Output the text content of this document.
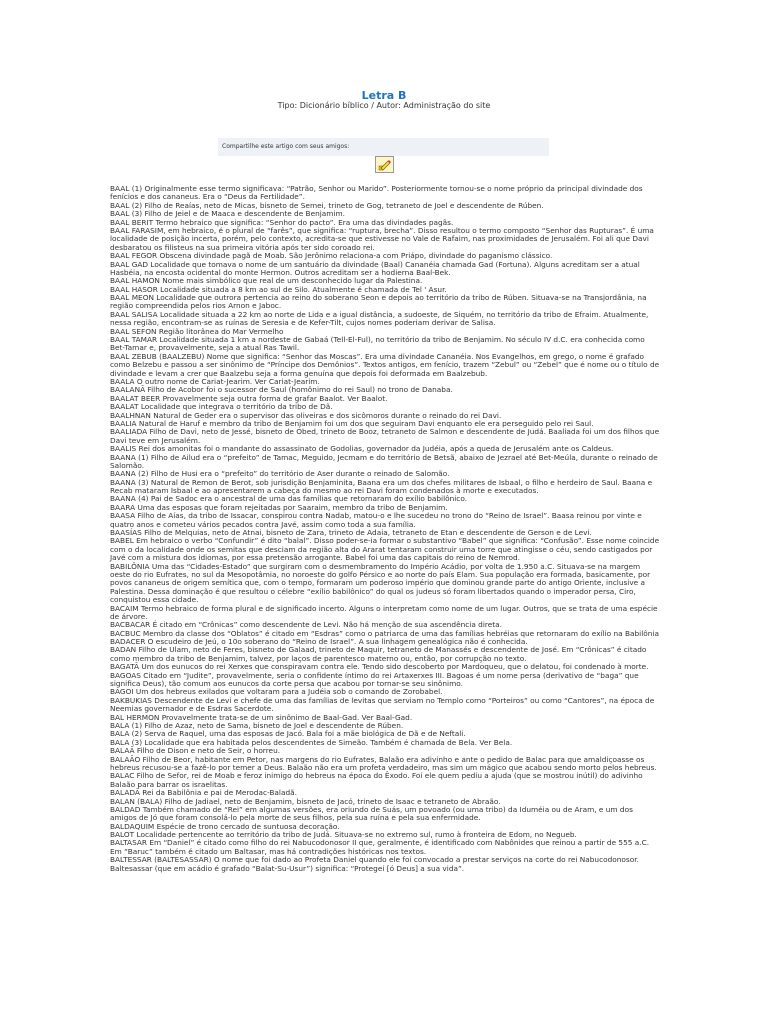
Letra B
Tipo: Dicionário bíblico / Autor: Administração do site
Compartilhe este artigo com seus amigos:

BAAL (1) Originalmente esse termo significava: “Patrão, Senhor ou Marido”. Posteriormente tornou-se o nome próprio da principal divindade dos fenícios e dos cananeus. Era o “Deus da Fertilidade”.

BAAL (2) Filho de Reaías, neto de Micas, bisneto de Semei, trineto de Gog, tetraneto de Joel e descendente de Rúben.

BAAL (3) Filho de Jeiel e de Maaca e descendente de Benjamim.

BAAL BERIT Termo hebraico que significa: “Senhor do pacto”. Era uma das divindades pagãs.

BAAL FARASIM, em hebraico, é o plural de “farês”, que significa: “ruptura, brecha”. Disso resultou o termo composto “Senhor das Rupturas”. É uma localidade de posição incerta, porém, pelo contexto, acredita-se que estivesse no Vale de Rafaim, nas proximidades de Jerusalém. Foi ali que Davi desbaratou os filisteus na sua primeira vitória após ter sido coroado rei.

BAAL FEGOR Obscena divindade pagã de Moab. São Jerônimo relaciona-a com Priápo, divindade do paganismo clássico.

BAAL GAD Localidade que tomava o nome de um santuário da divindade (Baal) Cananéia chamada Gad (Fortuna). Alguns acreditam ser a atual Hasbéia, na encosta ocidental do monte Hermon. Outros acreditam ser a hodierna Baal-Bek.

BAAL HAMON Nome mais simbólico que real de um desconhecido lugar da Palestina.

BAAL HASOR Localidade situada a 8 km ao sul de Silo. Atualmente é chamada de Tel ' Asur.

BAAL MEON Localidade que outrora pertencia ao reino do soberano Seon e depois ao território da tribo de Rúben. Situava-se na Transjordânia, na região compreendida pelos rios Arnon e Jaboc.

BAAL SALISA Localidade situada a 22 km ao norte de Lida e a igual distância, a sudoeste, de Siquém, no território da tribo de Efraim. Atualmente, nessa região, encontram-se as ruínas de Seresia e de Kefer-Tilt, cujos nomes poderiam derivar de Salisa.

BAAL SEFON Região litorânea do Mar Vermelho

BAAL TAMAR Localidade situada 1 km a nordeste de Gabaá (Tell-El-Ful), no território da tribo de Benjamim. No século IV d.C. era conhecida como Bet-Tamar e, provavelmente, seja a atual Ras Tawil.

BAAL ZEBUB (BAALZEBU) Nome que significa: “Senhor das Moscas”. Era uma divindade Cananéia. Nos Evangelhos, em grego, o nome é grafado como Belzebu e passou a ser sinônimo de “Príncipe dos Demônios”. Textos antigos, em fenício, trazem “Zebul” ou “Zebel” que é nome ou o título de divindade e levam a crer que Baalzebu seja a forma genuína que depois foi deformada em Baalzebub.

BAALA O outro nome de Cariat-Jearim. Ver Cariat-Jearim.

BAALANÃ Filho de Acobor foi o sucessor de Saul (homônimo do rei Saul) no trono de Danaba.

BAALAT BEER Provavelmente seja outra forma de grafar Baalot. Ver Baalot.

BAALAT Localidade que integrava o território da tribo de Dã.

BAALHNAN Natural de Geder era o supervisor das oliveiras e dos sicômoros durante o reinado do rei Davi.

BAALIA Natural de Haruf e membro da tribo de Benjamim foi um dos que seguiram Davi enquanto ele era perseguido pelo rei Saul.

BAALIADA Filho de Davi, neto de Jessé, bisneto de Obed, trineto de Booz, tetraneto de Salmon e descendente de Judá. Baaliada foi um dos filhos que Davi teve em Jerusalém.

BAALIS Rei dos amonitas foi o mandante do assassinato de Godolias, governador da Judéia, após a queda de Jerusalém ante os Caldeus.

BAANA (1) Filho de Ailud era o “prefeito” de Tamac, Meguido, Jecmam e do território de Betsã, abaixo de Jezrael até Bet-Meúla, durante o reinado de Salomão.

BAANA (2) Filho de Husi era o “prefeito” do território de Aser durante o reinado de Salomão.

BAANA (3) Natural de Remon de Berot, sob jurisdição Benjaminita, Baana era um dos chefes militares de Isbaal, o filho e herdeiro de Saul. Baana e Recab mataram Isbaal e ao apresentarem a cabeça do mesmo ao rei Davi foram condenados à morte e executados.

BAANA (4) Pai de Sadoc era o ancestral de uma das famílias que retornaram do exílio babilônico.

BAARA Uma das esposas que foram rejeitadas por Saaraim, membro da tribo de Benjamim.

BAASA Filho de Aías, da tribo de Issacar, conspirou contra Nadab, matou-o e lhe sucedeu no trono do “Reino de Israel”. Baasa reinou por vinte e quatro anos e cometeu vários pecados contra Javé, assim como toda a sua família.

BAASÍAS Filho de Melquias, neto de Atnai, bisneto de Zara, trineto de Adaia, tetraneto de Etan e descendente de Gerson e de Levi.

BABEL Em hebraico o verbo “Confundir” é dito “balal”. Disso poder-se-ia formar o substantivo “Babel” que significa: “Confusão”. Esse nome coincide com o da localidade onde os semitas que desciam da região alta do Ararat tentaram construir uma torre que atingisse o céu, sendo castigados por Javé com a mistura dos idiomas, por essa pretensão arrogante. Babel foi uma das capitais do reino de Nemrod.

BABILÔNIA Uma das “Cidades-Estado” que surgiram com o desmembramento do Império Acádio, por volta de 1.950 a.C. Situava-se na margem oeste do rio Eufrates, no sul da Mesopotâmia, no noroeste do golfo Pérsico e ao norte do país Elam. Sua população era formada, basicamente, por povos cananeus de origem semítica que, com o tempo, formaram um poderoso império que dominou grande parte do antigo Oriente, inclusive a Palestina. Dessa dominação é que resultou o célebre “exílio babilônico” do qual os judeus só foram libertados quando o imperador persa, Ciro, conquistou essa cidade.

BACAIM Termo hebraico de forma plural e de significado incerto. Alguns o interpretam como nome de um lugar. Outros, que se trata de uma espécie de árvore.

BACBACAR É citado em “Crônicas” como descendente de Levi. Não há menção de sua ascendência direta.

BACBUC Membro da classe dos “Oblatos” é citado em “Esdras” como o patriarca de uma das famílias hebréias que retornaram do exílio na Babilônia

BADACER O escudeiro de Jeú, o 10o soberano do “Reino de Israel”. A sua linhagem genealógica não é conhecida.

BADAN Filho de Ulam, neto de Feres, bisneto de Galaad, trineto de Maquir, tetraneto de Manassés e descendente de José. Em “Crônicas” é citado como membro da tribo de Benjamim, talvez, por laços de parentesco materno ou, então, por corrupção no texto.

BAGATÃ Um dos eunucos do rei Xerxes que conspiravam contra ele. Tendo sido descoberto por Mardoqueu, que o delatou, foi condenado à morte.

BAGOAS Citado em “Judite”, provavelmente, seria o confidente íntimo do rei Artaxerxes III. Bagoas é um nome persa (derivativo de “baga” que significa Deus), tão comum aos eunucos da corte persa que acabou por tornar-se seu sinônimo.

BAGOI Um dos hebreus exilados que voltaram para a Judéia sob o comando de Zorobabel.

BAKBUKIAS Descendente de Levi e chefe de uma das famílias de levitas que serviam no Templo como “Porteiros” ou como “Cantores”, na época de Neemias governador e de Esdras Sacerdote.

BAL HERMON Provavelmente trata-se de um sinônimo de Baal-Gad. Ver Baal-Gad.

BALA (1) Filho de Azaz, neto de Sama, bisneto de Joel e descendente de Rúben.

BALA (2) Serva de Raquel, uma das esposas de Jacó. Bala foi a mãe biológica de Dã e de Neftali.

BALA (3) Localidade que era habitada pelos descendentes de Simeão. Também é chamada de Bela. Ver Bela.

BALAÃ Filho de Dison e neto de Seir, o horreu.

BALAÃO Filho de Beor, habitante em Petor, nas margens do rio Eufrates, Balaão era adivinho e ante o pedido de Balac para que amaldiçoasse os hebreus recusou-se a fazê-lo por temer a Deus. Balaão não era um profeta verdadeiro, mas sim um mágico que acabou sendo morto pelos hebreus.

BALAC Filho de Sefor, rei de Moab e feroz inimigo do hebreus na época do Êxodo. Foi ele quem pediu a ajuda (que se mostrou inútil) do adivinho Balaão para barrar os israelitas.

BALADÃ Rei da Babilônia e pai de Merodac-Baladã.

BALAN (BALA) Filho de Jadiael, neto de Benjamim, bisneto de Jacó, trineto de Isaac e tetraneto de Abraão.

BALDAD Também chamado de “Rei” em algumas versões, era oriundo de Suás, um povoado (ou uma tribo) da Iduméia ou de Aram, e um dos amigos de Jó que foram consolá-lo pela morte de seus filhos, pela sua ruína e pela sua enfermidade.

BALDAQUIM Espécie de trono cercado de suntuosa decoração.

BALOT Localidade pertencente ao território da tribo de Judá. Situava-se no extremo sul, rumo à fronteira de Edom, no Negueb.

BALTASAR Em “Daniel” é citado como filho do rei Nabucodonosor II que, geralmente, é identificado com Nabônides que reinou a partir de 555 a.C. Em “Baruc” também é citado um Baltasar, mas há contradições históricas nos textos.

BALTESSAR (BALTESASSAR) O nome que foi dado ao Profeta Daniel quando ele foi convocado a prestar serviços na corte do rei Nabucodonosor. Baltesassar (que em acádio é grafado “Balat-Su-Usur”) significa: “Protegei [ó Deus] a sua vida”.
